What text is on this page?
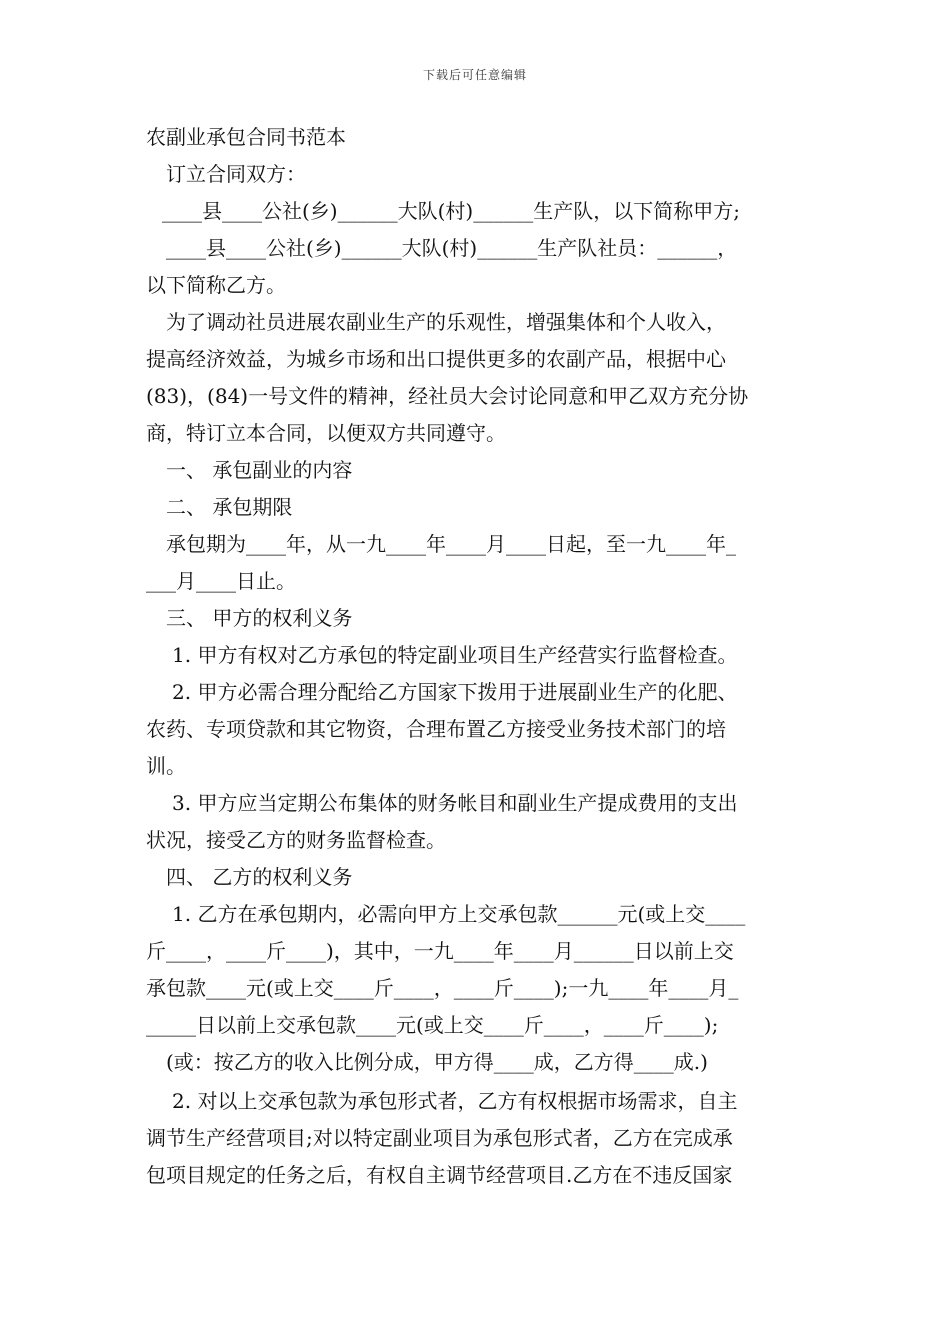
下载后可任意编辑
农副业承包合同书范本
订立合同双方：
____县____公社(乡)______大队(村)______生产队，以下简称甲方;
____县____公社(乡)______大队(村)______生产队社员：______，
以下简称乙方。
为了调动社员进展农副业生产的乐观性，增强集体和个人收入，
提高经济效益，为城乡市场和出口提供更多的农副产品，根据中心
(83)，(84)一号文件的精神，经社员大会讨论同意和甲乙双方充分协
商，特订立本合同，以便双方共同遵守。
一、 承包副业的内容
二、 承包期限
承包期为____年，从一九____年____月____日起，至一九____年_
___月____日止。
三、 甲方的权利义务
1. 甲方有权对乙方承包的特定副业项目生产经营实行监督检查。
2. 甲方必需合理分配给乙方国家下拨用于进展副业生产的化肥、
农药、专项贷款和其它物资，合理布置乙方接受业务技术部门的培
训。
3. 甲方应当定期公布集体的财务帐目和副业生产提成费用的支出
状况，接受乙方的财务监督检查。
四、 乙方的权利义务
1. 乙方在承包期内，必需向甲方上交承包款______元(或上交____
斤____，____斤____)，其中，一九____年____月______日以前上交
承包款____元(或上交____斤____，____斤____);一九____年____月_
_____日以前上交承包款____元(或上交____斤____，____斤____);
(或：按乙方的收入比例分成，甲方得____成，乙方得____成.)
2. 对以上交承包款为承包形式者，乙方有权根据市场需求，自主
调节生产经营项目;对以特定副业项目为承包形式者，乙方在完成承
包项目规定的任务之后，有权自主调节经营项目.乙方在不违反国家
